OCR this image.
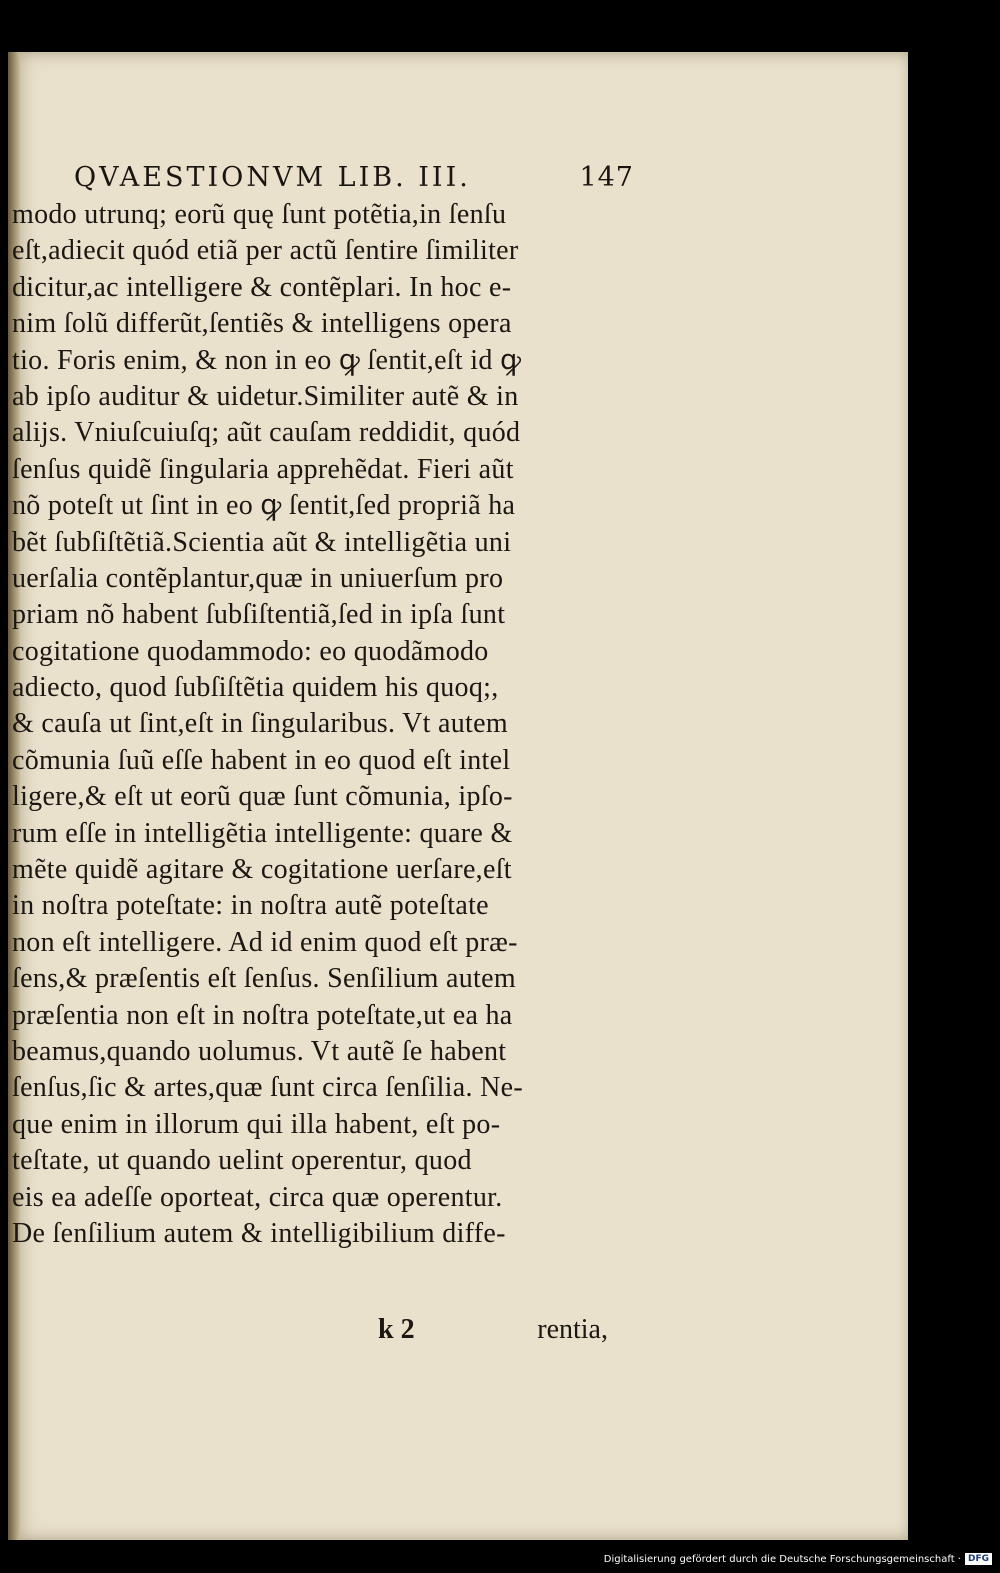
QVAESTIONVM LIB. III.	147
modo utrunq; eorũ quę ſunt potẽtia,in ſenſu
eſt,adiecit quód etiã per actũ ſentire ſimiliter
dicitur,ac intelligere & contẽplari. In hoc e-
nim ſolũ differũt,ſentiẽs & intelligens opera
tio. Foris enim, & non in eo ꝙ ſentit,eſt id ꝙ
ab ipſo auditur & uidetur.Similiter autẽ & in
alijs. Vniuſcuiuſq; aũt cauſam reddidit, quód
ſenſus quidẽ ſingularia apprehẽdat. Fieri aũt
nõ poteſt ut ſint in eo ꝙ ſentit,ſed propriã ha
bẽt ſubſiſtẽtiã.Scientia aũt & intelligẽtia uni
uerſalia contẽplantur,quæ in uniuerſum pro
priam nõ habent ſubſiſtentiã,ſed in ipſa ſunt
cogitatione quodammodo: eo quodãmodo
adiecto, quod ſubſiſtẽtia quidem his quoq;,
& cauſa ut ſint,eſt in ſingularibus. Vt autem
cõmunia ſuũ eſſe habent in eo quod eſt intel
ligere,& eſt ut eorũ quæ ſunt cõmunia, ipſo-
rum eſſe in intelligẽtia intelligente: quare &
mẽte quidẽ agitare & cogitatione uerſare,eſt
in noſtra poteſtate: in noſtra autẽ poteſtate
non eſt intelligere. Ad id enim quod eſt præ-
ſens,& præſentis eſt ſenſus. Senſilium autem
præſentia non eſt in noſtra poteſtate,ut ea ha
beamus,quando uolumus. Vt autẽ ſe habent
ſenſus,ſic & artes,quæ ſunt circa ſenſilia. Ne-
que enim in illorum qui illa habent, eſt po-
teſtate, ut quando uelint operentur, quod
eis ea adeſſe oporteat, circa quæ operentur.
De ſenſilium autem & intelligibilium diffe-
k 2	rentia,
Digitalisierung gefördert durch die Deutsche Forschungsgemeinschaft · DFG
